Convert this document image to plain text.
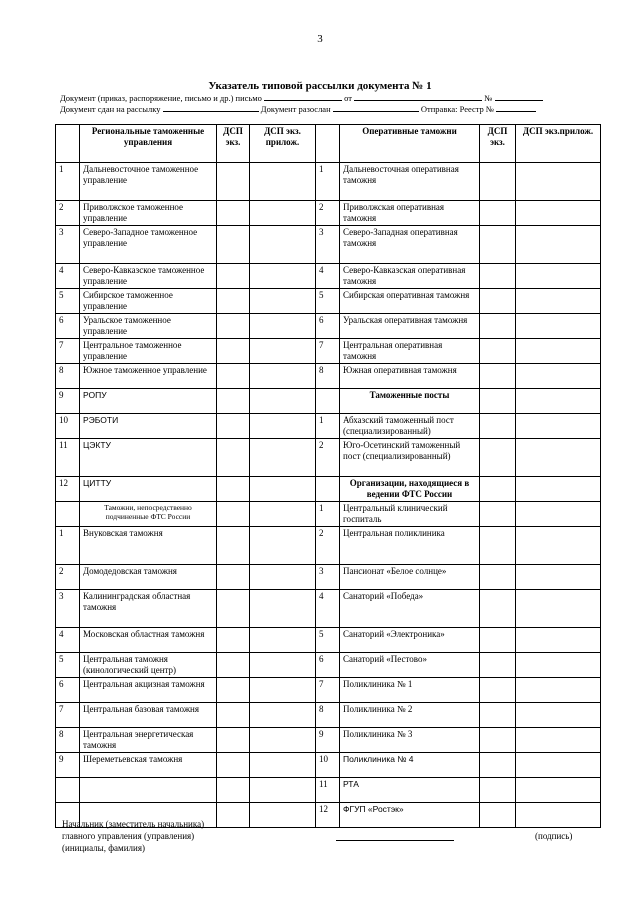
3
Указатель типовой рассылки документа № 1
Документ (приказ, распоряжение, письмо и др.) письмо	от	№
Документ сдан на рассылку	Документ разослан	Отправка: Реестр №
	Региональные таможенные управления	ДСП экз.	ДСП экз. прилож.		Оперативные таможни	ДСП экз.	ДСП экз.прилож.
1	Дальневосточное таможенное управление			1	Дальневосточная оперативная таможня		
2	Приволжское таможенное управление			2	Приволжская оперативная таможня		
3	Северо-Западное таможенное управление			3	Северо-Западная оперативная таможня		
4	Северо-Кавказское таможенное управление			4	Северо-Кавказская оперативная таможня		
5	Сибирское таможенное управление			5	Сибирская оперативная таможня		
6	Уральское таможенное управление			6	Уральская оперативная таможня		
7	Центральное таможенное управление			7	Центральная оперативная таможня		
8	Южное таможенное управление			8	Южная оперативная таможня		
9	РОПУ				Таможенные посты		
10	РЭБОТИ			1	Абхазский таможенный пост (специализированный)		
11	ЦЭКТУ			2	Юго-Осетинский таможенный пост (специализированный)		
12	ЦИТТУ				Организации, находящиеся в ведении ФТС России		
	Таможни, непосредственно подчиненные ФТС России			1	Центральный клинический госпиталь		
1	Внуковская таможня			2	Центральная поликлиника		
2	Домодедовская таможня			3	Пансионат «Белое солнце»		
3	Калининградская областная таможня			4	Санаторий «Победа»		
4	Московская областная таможня			5	Санаторий «Электроника»		
5	Центральная таможня (кинологический центр)			6	Санаторий «Пестово»		
6	Центральная акцизная таможня			7	Поликлиника № 1		
7	Центральная базовая таможня			8	Поликлиника № 2		
8	Центральная энергетическая таможня			9	Поликлиника № 3		
9	Шереметьевская таможня			10	Поликлиника № 4		
				11	РТА		
				12	ФГУП «Ростэк»		
Начальник (заместитель начальника)
главного управления (управления)
(инициалы, фамилия)
(подпись)
